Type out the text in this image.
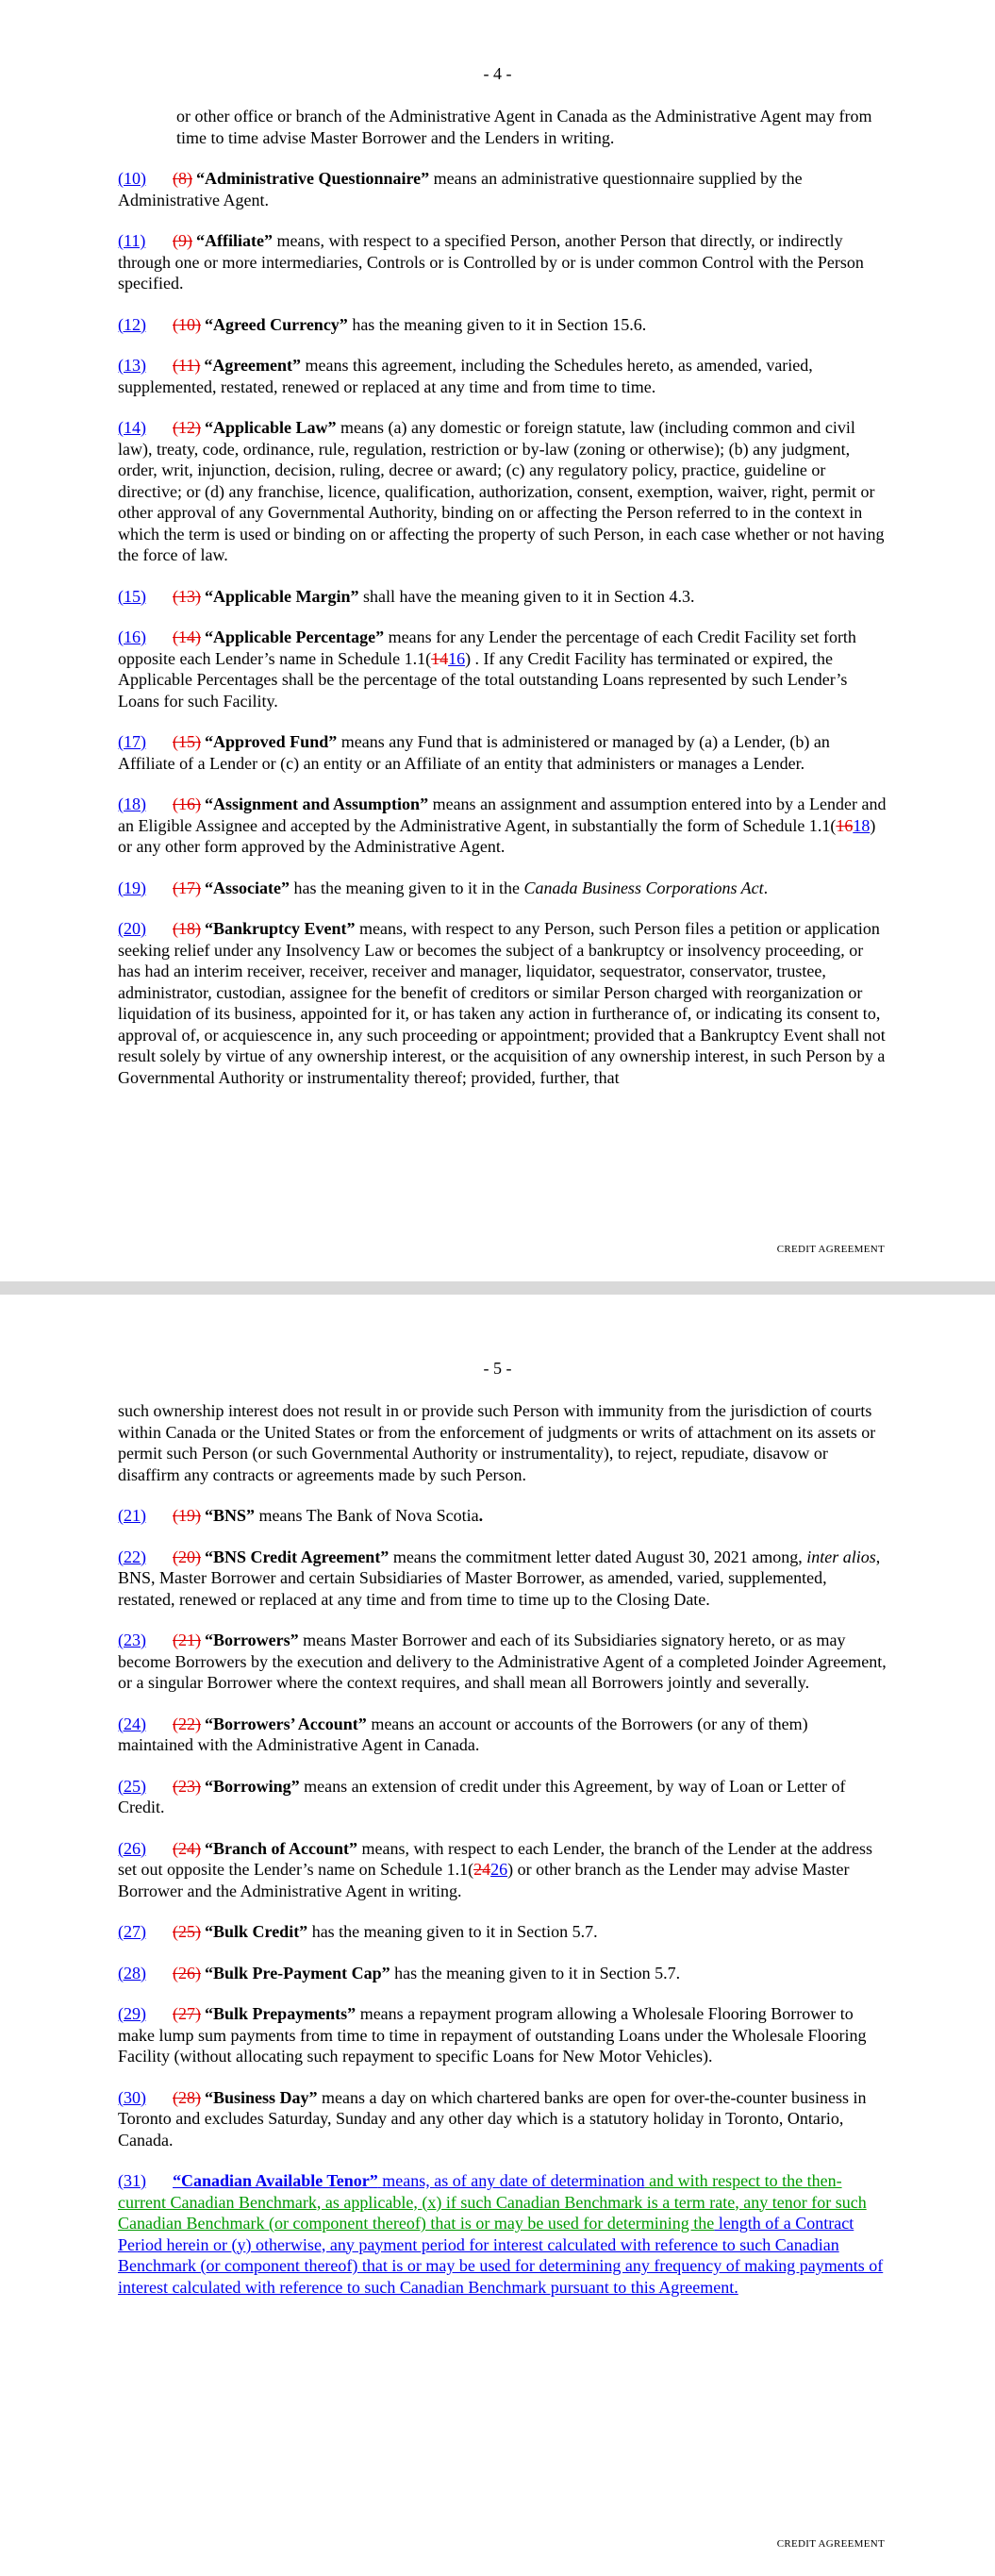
- 4 -

or other office or branch of the Administrative Agent in Canada as the Administrative Agent may from time to time advise Master Borrower and the Lenders in writing.

(10) (8) “Administrative Questionnaire” means an administrative questionnaire supplied by the Administrative Agent.

(11) (9) “Affiliate” means, with respect to a specified Person, another Person that directly, or indirectly through one or more intermediaries, Controls or is Controlled by or is under common Control with the Person specified.

(12) (10) “Agreed Currency” has the meaning given to it in Section 15.6.

(13) (11) “Agreement” means this agreement, including the Schedules hereto, as amended, varied, supplemented, restated, renewed or replaced at any time and from time to time.

(14) (12) “Applicable Law” means (a) any domestic or foreign statute, law (including common and civil law), treaty, code, ordinance, rule, regulation, restriction or by-law (zoning or otherwise); (b) any judgment, order, writ, injunction, decision, ruling, decree or award; (c) any regulatory policy, practice, guideline or directive; or (d) any franchise, licence, qualification, authorization, consent, exemption, waiver, right, permit or other approval of any Governmental Authority, binding on or affecting the Person referred to in the context in which the term is used or binding on or affecting the property of such Person, in each case whether or not having the force of law.

(15) (13) “Applicable Margin” shall have the meaning given to it in Section 4.3.

(16) (14) “Applicable Percentage” means for any Lender the percentage of each Credit Facility set forth opposite each Lender’s name in Schedule 1.1(1416) . If any Credit Facility has terminated or expired, the Applicable Percentages shall be the percentage of the total outstanding Loans represented by such Lender’s Loans for such Facility.

(17) (15) “Approved Fund” means any Fund that is administered or managed by (a) a Lender, (b) an Affiliate of a Lender or (c) an entity or an Affiliate of an entity that administers or manages a Lender.

(18) (16) “Assignment and Assumption” means an assignment and assumption entered into by a Lender and an Eligible Assignee and accepted by the Administrative Agent, in substantially the form of Schedule 1.1(1618) or any other form approved by the Administrative Agent.

(19) (17) “Associate” has the meaning given to it in the Canada Business Corporations Act.

(20) (18) “Bankruptcy Event” means, with respect to any Person, such Person files a petition or application seeking relief under any Insolvency Law or becomes the subject of a bankruptcy or insolvency proceeding, or has had an interim receiver, receiver, receiver and manager, liquidator, sequestrator, conservator, trustee, administrator, custodian, assignee for the benefit of creditors or similar Person charged with reorganization or liquidation of its business, appointed for it, or has taken any action in furtherance of, or indicating its consent to, approval of, or acquiescence in, any such proceeding or appointment; provided that a Bankruptcy Event shall not result solely by virtue of any ownership interest, or the acquisition of any ownership interest, in such Person by a Governmental Authority or instrumentality thereof; provided, further, that

CREDIT AGREEMENT
- 5 -

such ownership interest does not result in or provide such Person with immunity from the jurisdiction of courts within Canada or the United States or from the enforcement of judgments or writs of attachment on its assets or permit such Person (or such Governmental Authority or instrumentality), to reject, repudiate, disavow or disaffirm any contracts or agreements made by such Person.

(21) (19) “BNS” means The Bank of Nova Scotia.

(22) (20) “BNS Credit Agreement” means the commitment letter dated August 30, 2021 among, inter alios, BNS, Master Borrower and certain Subsidiaries of Master Borrower, as amended, varied, supplemented, restated, renewed or replaced at any time and from time to time up to the Closing Date.

(23) (21) “Borrowers” means Master Borrower and each of its Subsidiaries signatory hereto, or as may become Borrowers by the execution and delivery to the Administrative Agent of a completed Joinder Agreement, or a singular Borrower where the context requires, and shall mean all Borrowers jointly and severally.

(24) (22) “Borrowers’ Account” means an account or accounts of the Borrowers (or any of them) maintained with the Administrative Agent in Canada.

(25) (23) “Borrowing” means an extension of credit under this Agreement, by way of Loan or Letter of Credit.

(26) (24) “Branch of Account” means, with respect to each Lender, the branch of the Lender at the address set out opposite the Lender’s name on Schedule 1.1(2426) or other branch as the Lender may advise Master Borrower and the Administrative Agent in writing.

(27) (25) “Bulk Credit” has the meaning given to it in Section 5.7.

(28) (26) “Bulk Pre-Payment Cap” has the meaning given to it in Section 5.7.

(29) (27) “Bulk Prepayments” means a repayment program allowing a Wholesale Flooring Borrower to make lump sum payments from time to time in repayment of outstanding Loans under the Wholesale Flooring Facility (without allocating such repayment to specific Loans for New Motor Vehicles).

(30) (28) “Business Day” means a day on which chartered banks are open for over-the-counter business in Toronto and excludes Saturday, Sunday and any other day which is a statutory holiday in Toronto, Ontario, Canada.

(31) “Canadian Available Tenor” means, as of any date of determination and with respect to the then-current Canadian Benchmark, as applicable, (x) if such Canadian Benchmark is a term rate, any tenor for such Canadian Benchmark (or component thereof) that is or may be used for determining the length of a Contract Period herein or (y) otherwise, any payment period for interest calculated with reference to such Canadian Benchmark (or component thereof) that is or may be used for determining any frequency of making payments of interest calculated with reference to such Canadian Benchmark pursuant to this Agreement.

CREDIT AGREEMENT
